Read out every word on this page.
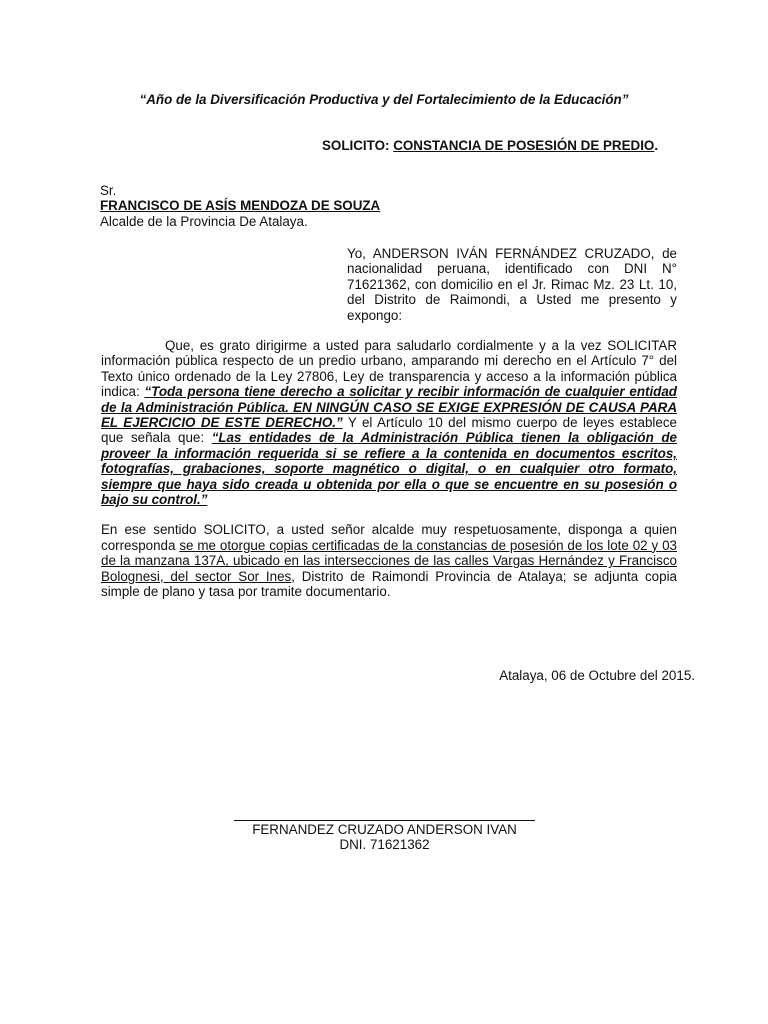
“Año de la Diversificación Productiva y del Fortalecimiento de la Educación”
SOLICITO: CONSTANCIA DE POSESIÓN DE PREDIO.
Sr.
FRANCISCO DE ASÍS MENDOZA DE SOUZA
Alcalde de la Provincia De Atalaya.
Yo, ANDERSON IVÁN FERNÁNDEZ CRUZADO, de nacionalidad peruana, identificado con DNI N° 71621362, con domicilio en el Jr. Rimac Mz. 23 Lt. 10, del Distrito de Raimondi, a Usted me presento y expongo:

Que, es grato dirigirme a usted para saludarlo cordialmente y a la vez SOLICITAR información pública respecto de un predio urbano, amparando mi derecho en el Artículo 7° del Texto único ordenado de la Ley 27806, Ley de transparencia y acceso a la información pública indica: “Toda persona tiene derecho a solicitar y recibir información de cualquier entidad de la Administración Pública. EN NINGÚN CASO SE EXIGE EXPRESIÓN DE CAUSA PARA EL EJERCICIO DE ESTE DERECHO.” Y el Artículo 10 del mismo cuerpo de leyes establece que señala que: “Las entidades de la Administración Pública tienen la obligación de proveer la información requerida si se refiere a la contenida en documentos escritos, fotografías, grabaciones, soporte magnético o digital, o en cualquier otro formato, siempre que haya sido creada u obtenida por ella o que se encuentre en su posesión o bajo su control.”

En ese sentido SOLICITO, a usted señor alcalde muy respetuosamente, disponga a quien corresponda se me otorgue copias certificadas de la constancias de posesión de los lote 02 y 03 de la manzana 137A, ubicado en las intersecciones de las calles Vargas Hernández y Francisco Bolognesi, del sector Sor Ines, Distrito de Raimondi Provincia de Atalaya; se adjunta copia simple de plano y tasa por tramite documentario.

Atalaya, 06 de Octubre del 2015.
FERNANDEZ CRUZADO ANDERSON IVAN
DNI. 71621362
